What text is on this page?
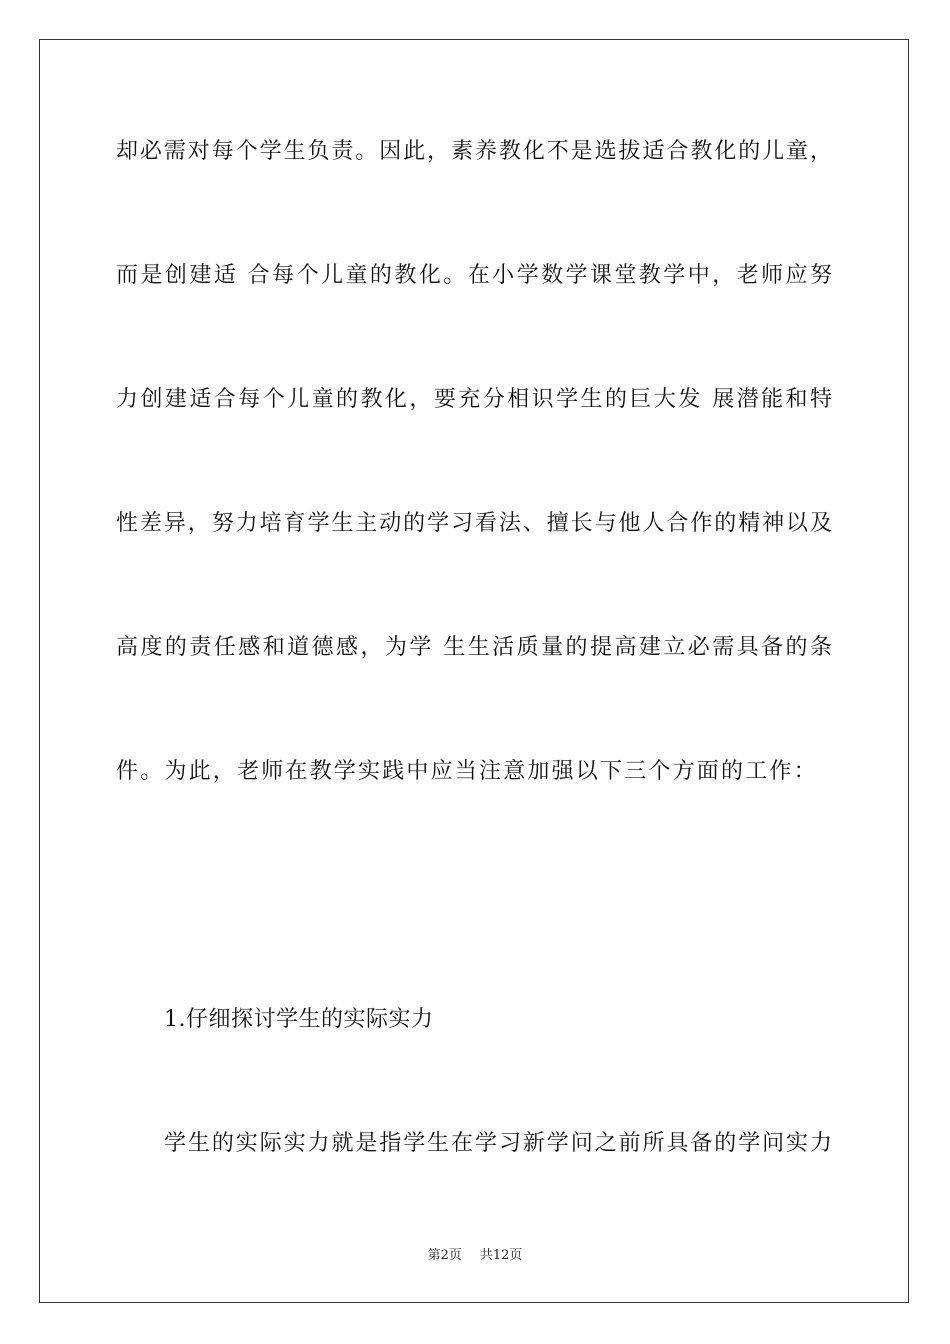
却必需对每个学生负责。因此，素养教化不是选拔适合教化的儿童，
而是创建适 合每个儿童的教化。在小学数学课堂教学中，老师应努
力创建适合每个儿童的教化，要充分相识学生的巨大发 展潜能和特
性差异，努力培育学生主动的学习看法、擅长与他人合作的精神以及
高度的责任感和道德感，为学 生生活质量的提高建立必需具备的条
件。为此，老师在教学实践中应当注意加强以下三个方面的工作：
1.仔细探讨学生的实际实力
学生的实际实力就是指学生在学习新学问之前所具备的学问实力
第2页 共12页
